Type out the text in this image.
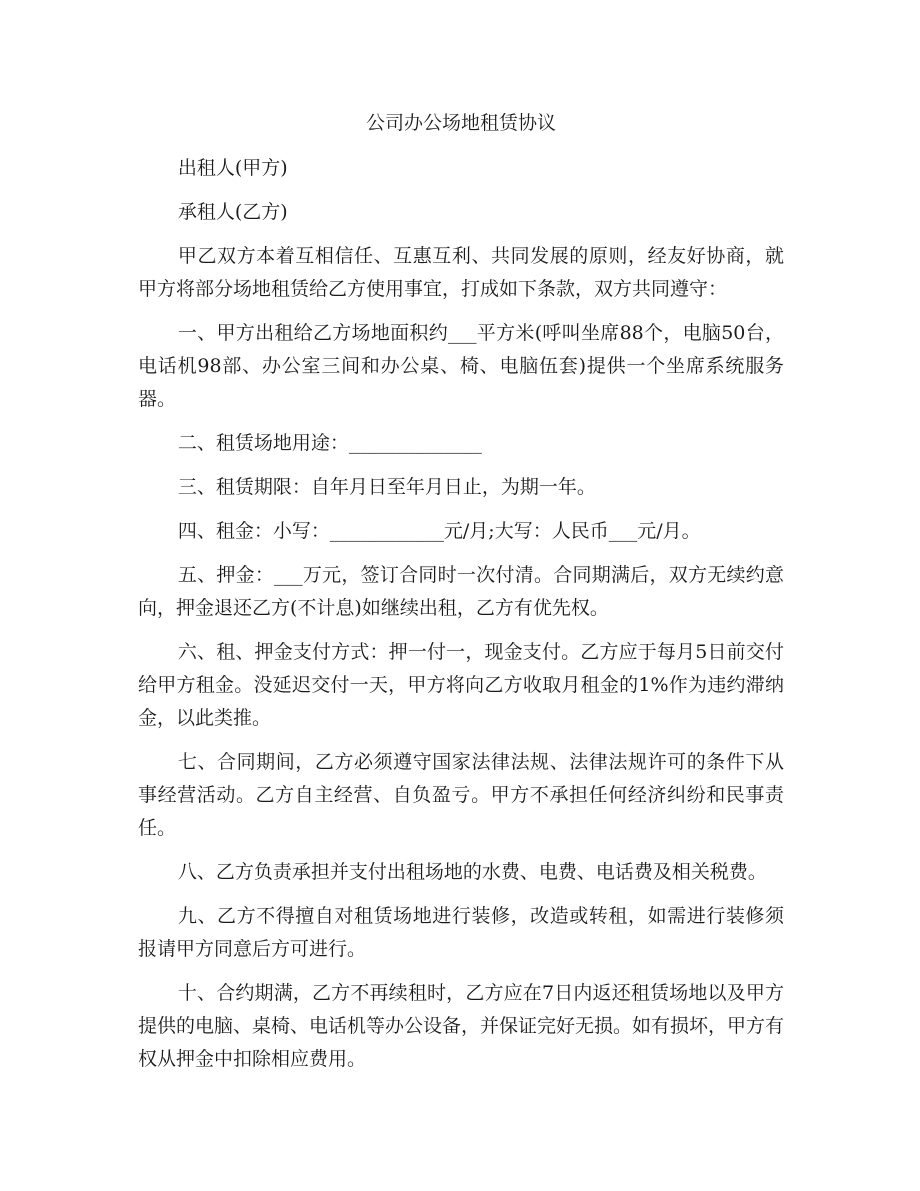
公司办公场地租赁协议

出租人(甲方)

承租人(乙方)

甲乙双方本着互相信任、互惠互利、共同发展的原则，经友好协商，就甲方将部分场地租赁给乙方使用事宜，打成如下条款，双方共同遵守：

一、甲方出租给乙方场地面积约___平方米(呼叫坐席88个，电脑50台，电话机98部、办公室三间和办公桌、椅、电脑伍套)提供一个坐席系统服务器。

二、租赁场地用途：______________

三、租赁期限：自年月日至年月日止，为期一年。

四、租金：小写：____________元/月;大写：人民币___元/月。

五、押金：___万元，签订合同时一次付清。合同期满后，双方无续约意向，押金退还乙方(不计息)如继续出租，乙方有优先权。

六、租、押金支付方式：押一付一，现金支付。乙方应于每月5日前交付给甲方租金。没延迟交付一天，甲方将向乙方收取月租金的1%作为违约滞纳金，以此类推。

七、合同期间，乙方必须遵守国家法律法规、法律法规许可的条件下从事经营活动。乙方自主经营、自负盈亏。甲方不承担任何经济纠纷和民事责任。

八、乙方负责承担并支付出租场地的水费、电费、电话费及相关税费。

九、乙方不得擅自对租赁场地进行装修，改造或转租，如需进行装修须报请甲方同意后方可进行。

十、合约期满，乙方不再续租时，乙方应在7日内返还租赁场地以及甲方提供的电脑、桌椅、电话机等办公设备，并保证完好无损。如有损坏，甲方有权从押金中扣除相应费用。
